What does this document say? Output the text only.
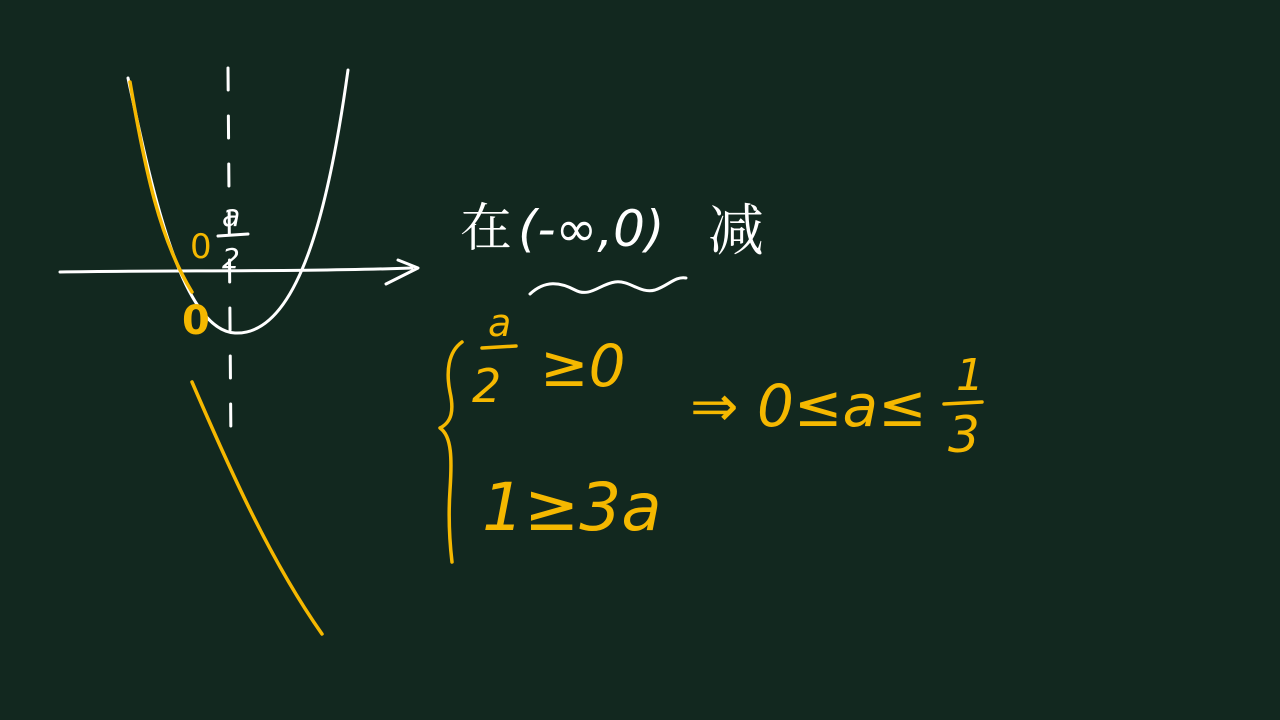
a
2
0
0
在 (-∞,0) 减
a
2 ≥0
1≥3a
⇒ 0≤a≤ 1
3
